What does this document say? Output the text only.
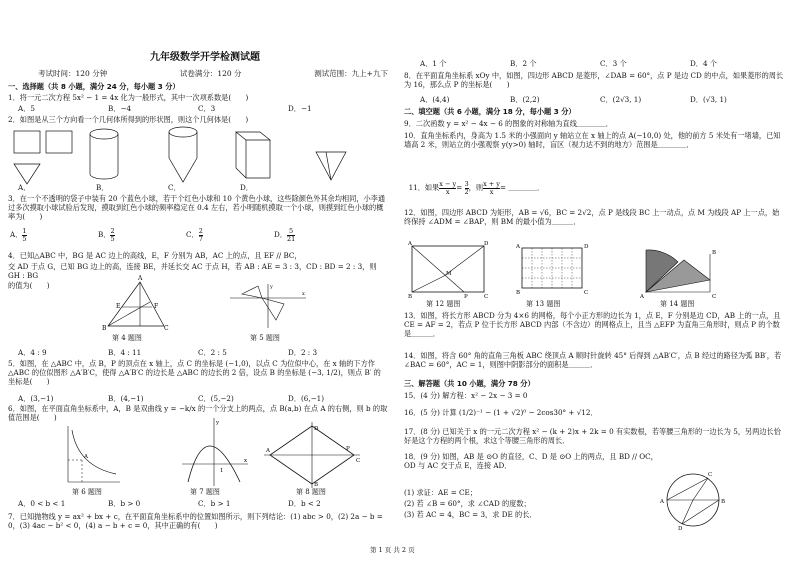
九年级数学开学检测试题
考试时间：120 分钟	试卷满分：120 分	测试范围：九上+九下
一、选择题（共 8 小题，满分 24 分，每小题 3 分）
1．将一元二次方程 5x² − 1 = 4x 化为一般形式，其中一次项系数是(　　)
A．5	B．−4	C．3	D．−1
2．如图是从三个方向看一个几何体所得到的形状图，则这个几何体是(　　)
A．	B．	C．	D．
3．在一个不透明的袋子中装有 20 个蓝色小球，若干个红色小球和 10 个黄色小球，这些除颜色外其余均相同，小李通过多次摸取小球试验后发现，摸取到红色小球的频率稳定在 0.4 左右，若小明随机摸取一个小球，则摸到红色小球的概率为(　　)
A． $\frac{1}{5}$	B． $\frac{2}{5}$	C． $\frac{2}{7}$	D． $\frac{5}{21}$
4．已知△ABC 中，BG 是 AC 边上的高线，E，F 分别为 AB，AC 上的点，且 EF // BC，
交 AD 于点 G，已知 BG 边上的高，连接 BE，并延长交 AC 于点 H，若 AB : AE = 3 : 3，CD : BD = 2 : 3，则 GH : BG
的值为(　　)
A
B	C
E	F
第 4 题图
x
y
第 5 题图
A．4 : 9	B．4 : 11	C．2 : 5	D．2 : 3
5．如图，在 △ABC 中，点 B，P 的顶点在 x 轴上，点 C 的坐标是 (−1,0)，以点 C 为位似中心，在 x 轴的下方作 △ABC 的位似图形 △A′B′C，使得 △A′B′C 的边长是 △ABC 的边长的 2 倍，设点 B 的坐标是 (−3, 1/2)，则点 B′ 的坐标是(　　)
A．(3,−1)	B．(4,−1)	C．(5,−2)	D．(6,−1)
6．如图，在平面直角坐标系中，A，B 是双曲线 y = −k/x 的一个分支上的两点，点 B(a,b) 在点 A 的右侧，则 b 的取值范围是(　　)
A
第 6 题图
x
y
1
第 7 题图
D
P
A
B
C
第 8 题图
A．0 < b < 1	B．b > 0	C．b > 1	D．b < 2
7．已知抛物线 y = ax² + bx + c，在平面直角坐标系中的位置如图所示，则下列结论：(1) abc > 0，(2) 2a − b = 0，(3) 4ac − b² < 0，(4) a − b + c = 0，其中正确的有(　　)
A．1 个	B．2 个	C．3 个	D．4 个
8．在平面直角坐标系 xOy 中，如图，四边形 ABCD 是菱形，∠DAB = 60°，点 P 是边 CD 的中点，如果菱形的周长为 16，那么点 P 的坐标是(　　)
A．(4,4)	B．(2,2)	C．(2√3, 1)	D．(√3, 1)
二、填空题（共 6 小题，满分 18 分，每小题 3 分）
9．二次函数 y = x² − 4x − 6 的图象的对称轴为直线＿＿＿＿．
10．直角坐标系内，身高为 1.5 米的小强面向 y 轴站立在 x 轴上的点 A(−10,0) 处，他的前方 5 米处有一堵墙，已知墙高 2 米，则站立的小强观察 y(y>0) 轴时，盲区（视力达不到的地方）范围是＿＿＿＿．

11．如果 $\frac{x - y}{x} = \frac{3}{2}$ ，则 $\frac{x + y}{x}$ = ＿＿＿＿．

12．如图，四边形 ABCD 为矩形，AB = √6，BC = 2√2，点 P 是线段 BC 上一动点，点 M 为线段 AP 上一点，始终保持 ∠ADM = ∠BAP，则 BM 的最小值为＿＿＿．
A	D
B	C
P
M
第 12 题图
A	D
B	C
第 13 题图
A	C
B
第 14 题图
13．如图，将长方形 ABCD 分为 4×6 的网格，每个小正方形的边长为 1，点 E，F 分别是边 CD，AB 上的一点，且 CE = AF = 2，若点 P 位于长方形 ABCD 内部（不含边）的网格点上，且当 △EFP 为直角三角形时，则点 P 的个数是＿＿＿．
14．如图，将含 60° 角的直角三角板 ABC 绕顶点 A 顺时针旋转 45° 后得到 △AB′C′，点 B 经过的路径为弧 BB′，若 ∠BAC = 60°，AC = 1，则图中阴影部分的面积是＿＿＿．
三、解答题（共 10 小题，满分 78 分）
15．(4 分) 解方程：x² − 2x − 3 = 0
16．(5 分) 计算 (1/2)⁻¹ − (1 + √2)⁰ − 2cos30° + √12．
17．(8 分) 已知关于 x 的一元二次方程 x² − (k + 2)x + 2k = 0 有实数根，若等腰三角形的一边长为 5，另两边长恰好是这个方程的两个根，求这个等腰三角形的周长．
18．(9 分) 如图，AB 是 ⊙O 的直径，C、D 是 ⊙O 上的两点，且 BD // OC，OD 与 AC 交于点 E，连接 AD．
(1) 求证：AE = CE；
(2) 若 ∠B = 60°，求 ∠CAD 的度数；
(3) 若 AC = 4，BC = 3，求 DE 的长．
A	B
C
D
第 1 页 共 2 页
